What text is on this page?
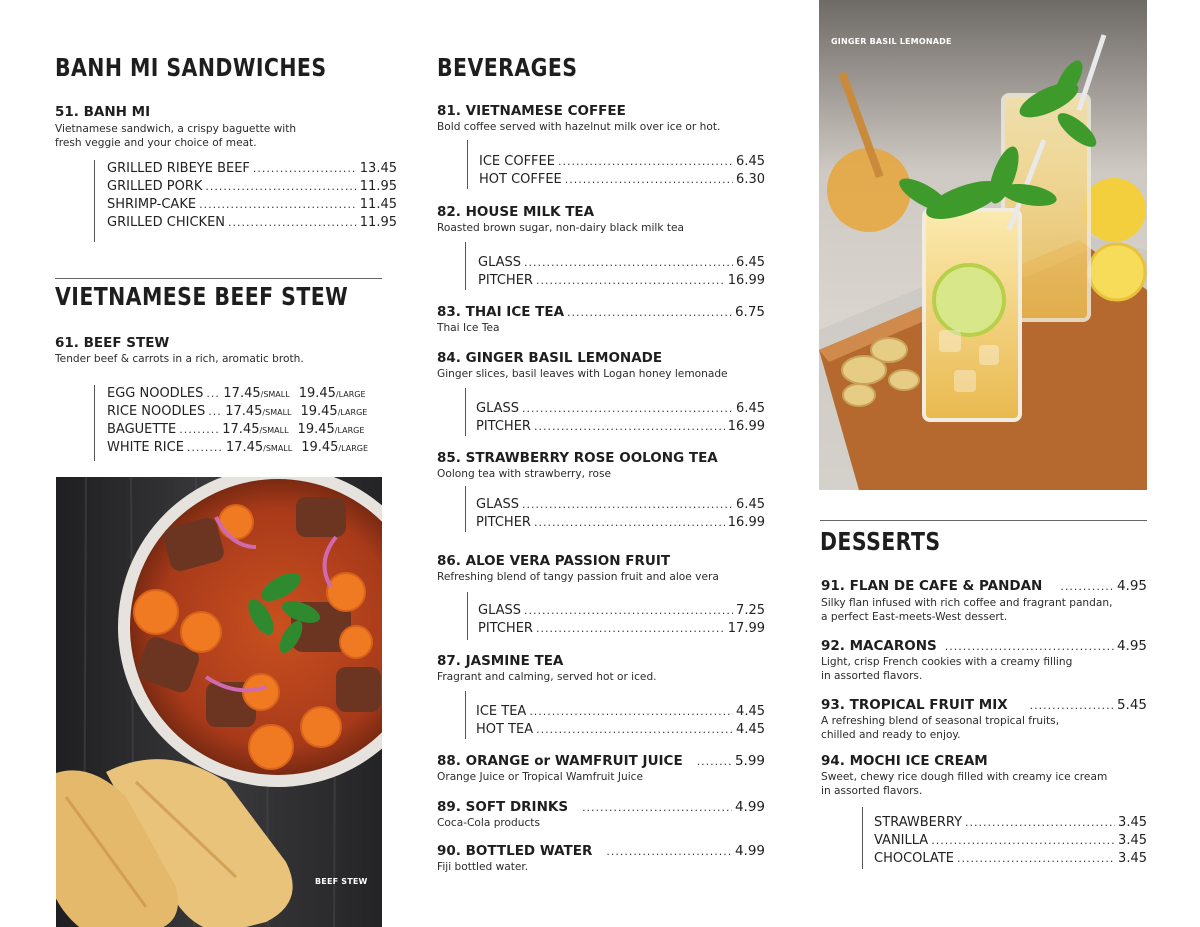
BANH MI SANDWICHES
51. BANH MI
Vietnamese sandwich, a crispy baguette with
fresh veggie and your choice of meat.
GRILLED RIBEYE BEEF .....	13.45
GRILLED PORK .....	11.95
SHRIMP-CAKE .....	11.45
GRILLED CHICKEN .....	11.95
VIETNAMESE BEEF STEW
61. BEEF STEW
Tender beef & carrots in a rich, aromatic broth.
EGG NOODLES ..... 17.45 /SMALL 19.45 /LARGE
RICE NOODLES ..... 17.45 /SMALL 19.45 /LARGE
BAGUETTE .....	17.45 /SMALL 19.45 /LARGE
WHITE RICE .....	17.45 /SMALL 19.45 /LARGE
BEEF STEW
BEVERAGES
81. VIETNAMESE COFFEE
Bold coffee served with hazelnut milk over ice or hot.
ICE COFFEE .....	6.45
HOT COFFEE .....	6.30
82. HOUSE MILK TEA
Roasted brown sugar, non-dairy black milk tea
GLASS .....	6.45
PITCHER .....	16.99
83. THAI ICE TEA .....	6.75
Thai Ice Tea
84. GINGER BASIL LEMONADE
Ginger slices, basil leaves with Logan honey lemonade
GLASS .....	6.45
PITCHER .....	16.99
85. STRAWBERRY ROSE OOLONG TEA
Oolong tea with strawberry, rose
GLASS .....	6.45
PITCHER .....	16.99
86. ALOE VERA PASSION FRUIT
Refreshing blend of tangy passion fruit and aloe vera
GLASS .....	7.25
PITCHER .....	17.99
87. JASMINE TEA
Fragrant and calming, served hot or iced.
ICE TEA .....	4.45
HOT TEA .....	4.45
88. ORANGE or WAMFRUIT JUICE .....	5.99
Orange Juice or Tropical Wamfruit Juice
89. SOFT DRINKS .....	4.99
Coca-Cola products
90. BOTTLED WATER .....	4.99
Fiji bottled water.
GINGER BASIL LEMONADE
DESSERTS
91. FLAN DE CAFE & PANDAN .....	4.95
Silky flan infused with rich coffee and fragrant pandan,
a perfect East-meets-West dessert.
92. MACARONS .....	4.95
Light, crisp French cookies with a creamy filling
in assorted flavors.
93. TROPICAL FRUIT MIX .....	5.45
A refreshing blend of seasonal tropical fruits,
chilled and ready to enjoy.
94. MOCHI ICE CREAM
Sweet, chewy rice dough filled with creamy ice cream
in assorted flavors.
STRAWBERRY .....	3.45
VANILLA .....	3.45
CHOCOLATE .....	3.45
